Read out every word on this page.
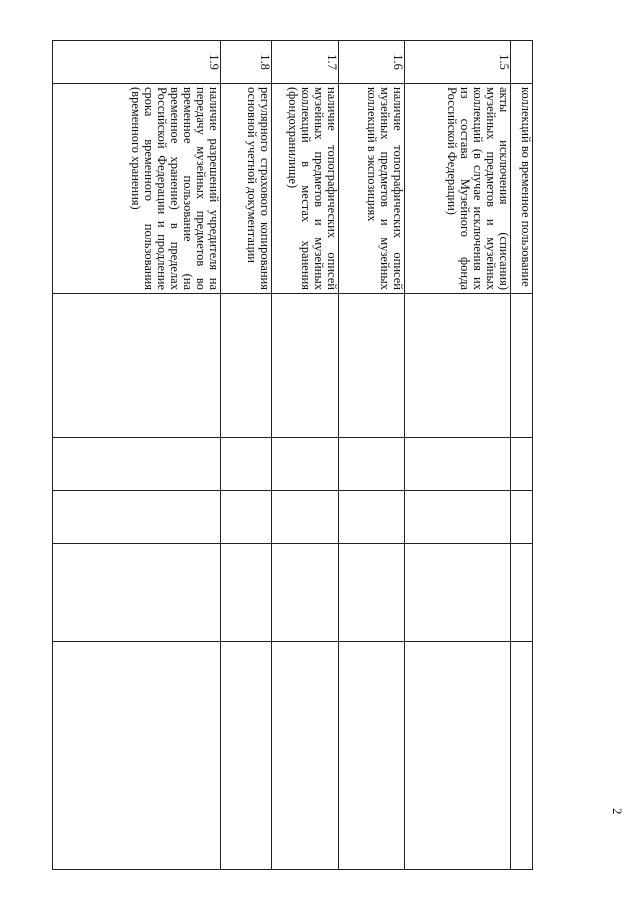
2
	коллекций во временное пользование					
1.5	акты исключения (списания) музейных предметов и музейных коллекций (в случае исключения их из состава Музейного фонда Российской Федерации)					
1.6	наличие топографических описей музейных предметов и музейных коллекций в экспозициях					
1.7	наличие топографических описей музейных предметов и музейных коллекций в местах хранения (фондохранилище)					
1.8	регулярного страхового копирования основной учетной документации					
1.9	наличие разрешений учредителя на передачу музейных предметов во временное пользование (на временное хранение) в пределах Российской Федерации и продление срока временного пользования (временного хранения)					
